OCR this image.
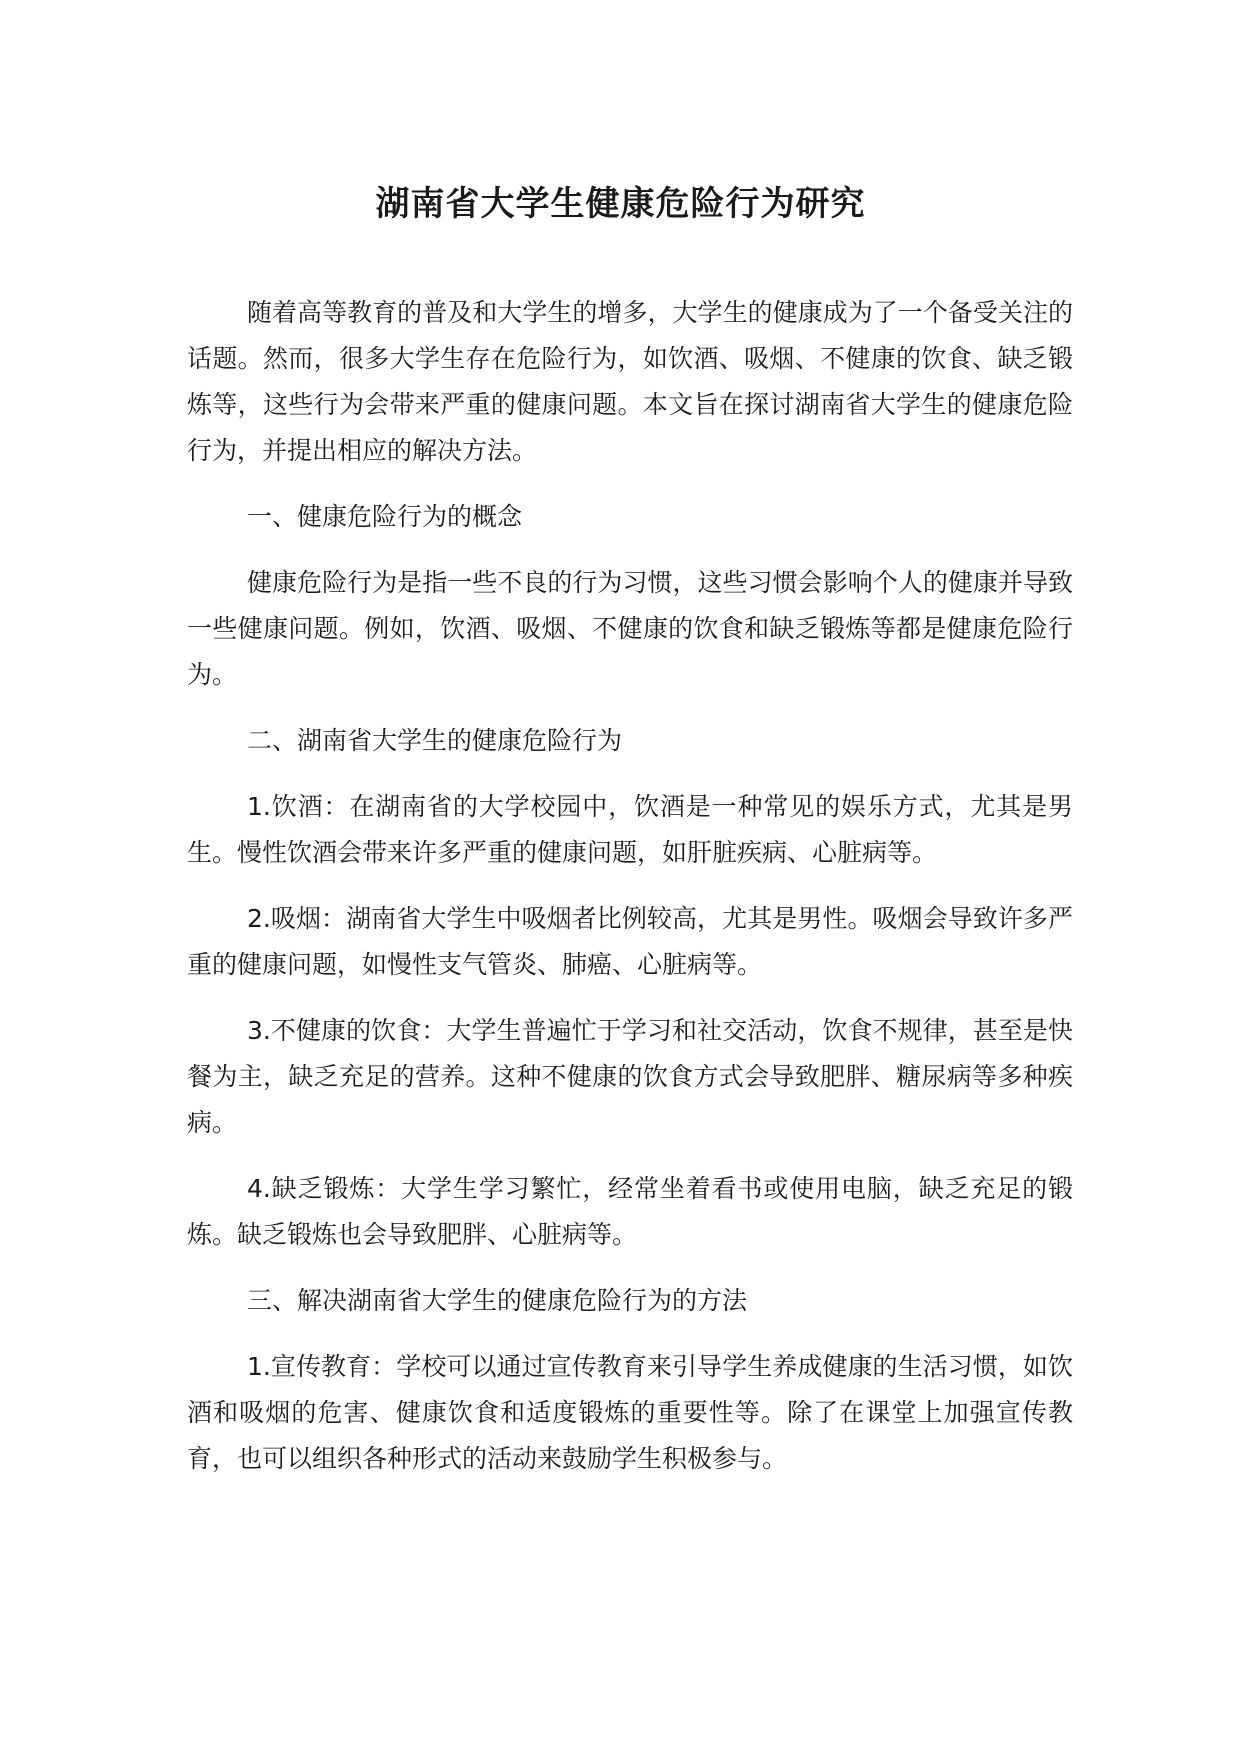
湖南省大学生健康危险行为研究

随着高等教育的普及和大学生的增多，大学生的健康成为了一个备受关注的话题。然而，很多大学生存在危险行为，如饮酒、吸烟、不健康的饮食、缺乏锻炼等，这些行为会带来严重的健康问题。本文旨在探讨湖南省大学生的健康危险行为，并提出相应的解决方法。

一、健康危险行为的概念

健康危险行为是指一些不良的行为习惯，这些习惯会影响个人的健康并导致一些健康问题。例如，饮酒、吸烟、不健康的饮食和缺乏锻炼等都是健康危险行为。

二、湖南省大学生的健康危险行为

1.饮酒：在湖南省的大学校园中，饮酒是一种常见的娱乐方式，尤其是男生。慢性饮酒会带来许多严重的健康问题，如肝脏疾病、心脏病等。

2.吸烟：湖南省大学生中吸烟者比例较高，尤其是男性。吸烟会导致许多严重的健康问题，如慢性支气管炎、肺癌、心脏病等。

3.不健康的饮食：大学生普遍忙于学习和社交活动，饮食不规律，甚至是快餐为主，缺乏充足的营养。这种不健康的饮食方式会导致肥胖、糖尿病等多种疾病。

4.缺乏锻炼：大学生学习繁忙，经常坐着看书或使用电脑，缺乏充足的锻炼。缺乏锻炼也会导致肥胖、心脏病等。

三、解决湖南省大学生的健康危险行为的方法

1.宣传教育：学校可以通过宣传教育来引导学生养成健康的生活习惯，如饮酒和吸烟的危害、健康饮食和适度锻炼的重要性等。除了在课堂上加强宣传教育，也可以组织各种形式的活动来鼓励学生积极参与。
